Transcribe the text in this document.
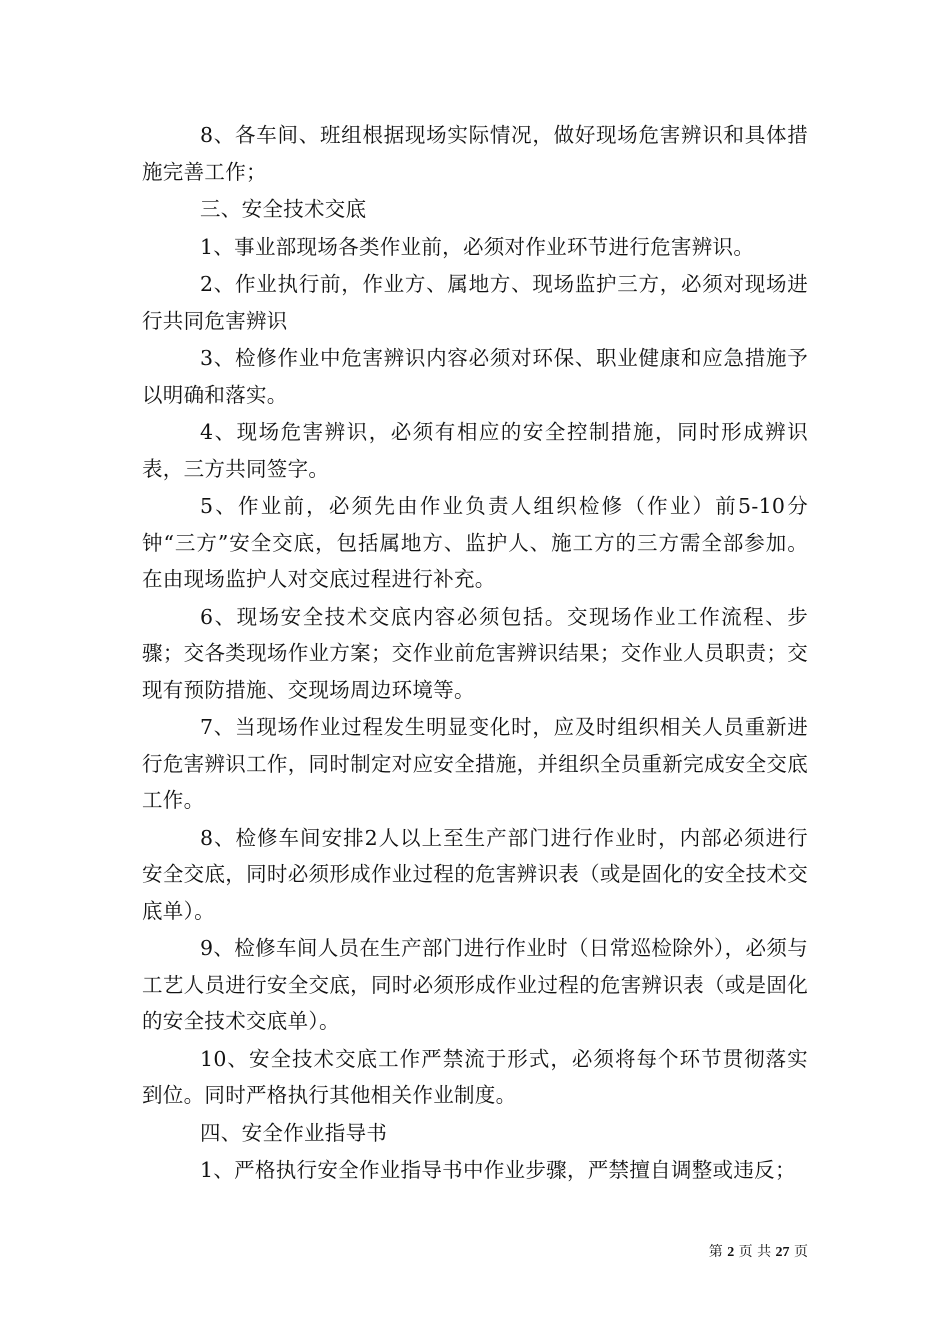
8、各车间、班组根据现场实际情况，做好现场危害辨识和具体措施完善工作；

三、安全技术交底

1、事业部现场各类作业前，必须对作业环节进行危害辨识。

2、作业执行前，作业方、属地方、现场监护三方，必须对现场进行共同危害辨识

3、检修作业中危害辨识内容必须对环保、职业健康和应急措施予以明确和落实。

4、现场危害辨识，必须有相应的安全控制措施，同时形成辨识表，三方共同签字。

5、作业前，必须先由作业负责人组织检修（作业）前5-10分钟“三方”安全交底，包括属地方、监护人、施工方的三方需全部参加。在由现场监护人对交底过程进行补充。

6、现场安全技术交底内容必须包括。交现场作业工作流程、步骤；交各类现场作业方案；交作业前危害辨识结果；交作业人员职责；交现有预防措施、交现场周边环境等。

7、当现场作业过程发生明显变化时，应及时组织相关人员重新进行危害辨识工作，同时制定对应安全措施，并组织全员重新完成安全交底工作。

8、检修车间安排2人以上至生产部门进行作业时，内部必须进行安全交底，同时必须形成作业过程的危害辨识表（或是固化的安全技术交底单）。

9、检修车间人员在生产部门进行作业时（日常巡检除外），必须与工艺人员进行安全交底，同时必须形成作业过程的危害辨识表（或是固化的安全技术交底单）。

10、安全技术交底工作严禁流于形式，必须将每个环节贯彻落实到位。同时严格执行其他相关作业制度。

四、安全作业指导书

1、严格执行安全作业指导书中作业步骤，严禁擅自调整或违反；

第 2 页 共 27 页
